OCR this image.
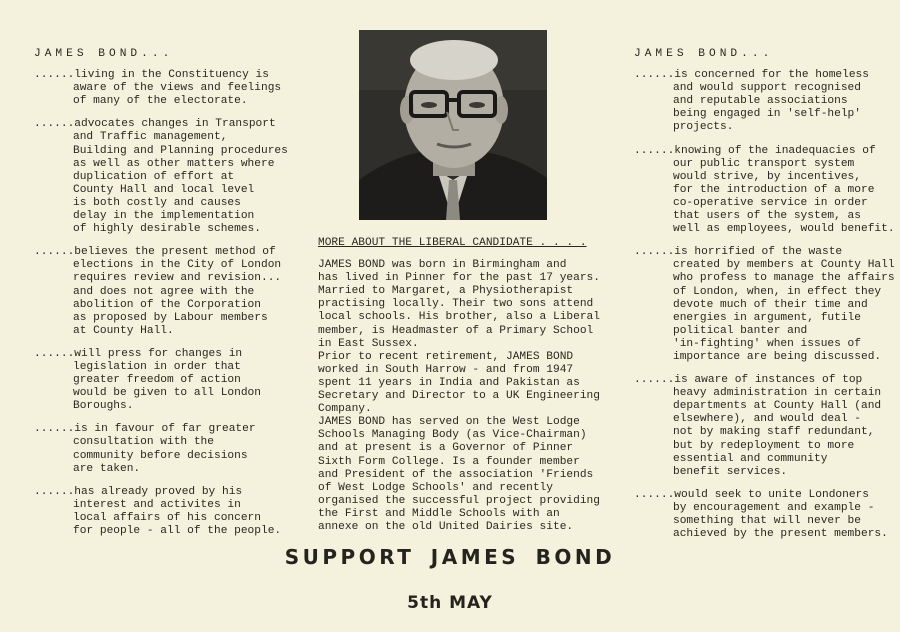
JAMES BOND...
......living in the Constituency is
aware of the views and feelings
of many of the electorate.
......advocates changes in Transport
and Traffic management,
Building and Planning procedures
as well as other matters where
duplication of effort at
County Hall and local level
is both costly and causes
delay in the implementation
of highly desirable schemes.
......believes the present method of
elections in the City of London
requires review and revision...
and does not agree with the
abolition of the Corporation
as proposed by Labour members
at County Hall.
......will press for changes in
legislation in order that
greater freedom of action
would be given to all London
Boroughs.
......is in favour of far greater
consultation with the
community before decisions
are taken.
......has already proved by his
interest and activites in
local affairs of his concern
for people - all of the people.
MORE ABOUT THE LIBERAL CANDIDATE . . . .
JAMES BOND was born in Birmingham and
has lived in Pinner for the past 17 years.
Married to Margaret, a Physiotherapist
practising locally. Their two sons attend
local schools. His brother, also a Liberal
member, is Headmaster of a Primary School
in East Sussex.
Prior to recent retirement, JAMES BOND
worked in South Harrow - and from 1947
spent 11 years in India and Pakistan as
Secretary and Director to a UK Engineering
Company.
JAMES BOND has served on the West Lodge
Schools Managing Body (as Vice-Chairman)
and at present is a Governor of Pinner
Sixth Form College. Is a founder member
and President of the association 'Friends
of West Lodge Schools' and recently
organised the successful project providing
the First and Middle Schools with an
annexe on the old United Dairies site.
JAMES BOND...
......is concerned for the homeless
and would support recognised
and reputable associations
being engaged in 'self-help'
projects.
......knowing of the inadequacies of
our public transport system
would strive, by incentives,
for the introduction of a more
co-operative service in order
that users of the system, as
well as employees, would benefit.
......is horrified of the waste
created by members at County Hall
who profess to manage the affairs
of London, when, in effect they
devote much of their time and
energies in argument, futile
political banter and
'in-fighting' when issues of
importance are being discussed.
......is aware of instances of top
heavy administration in certain
departments at County Hall (and
elsewhere), and would deal -
not by making staff redundant,
but by redeployment to more
essential and community
benefit services.
......would seek to unite Londoners
by encouragement and example -
something that will never be
achieved by the present members.
SUPPORT JAMES BOND
5th MAY
